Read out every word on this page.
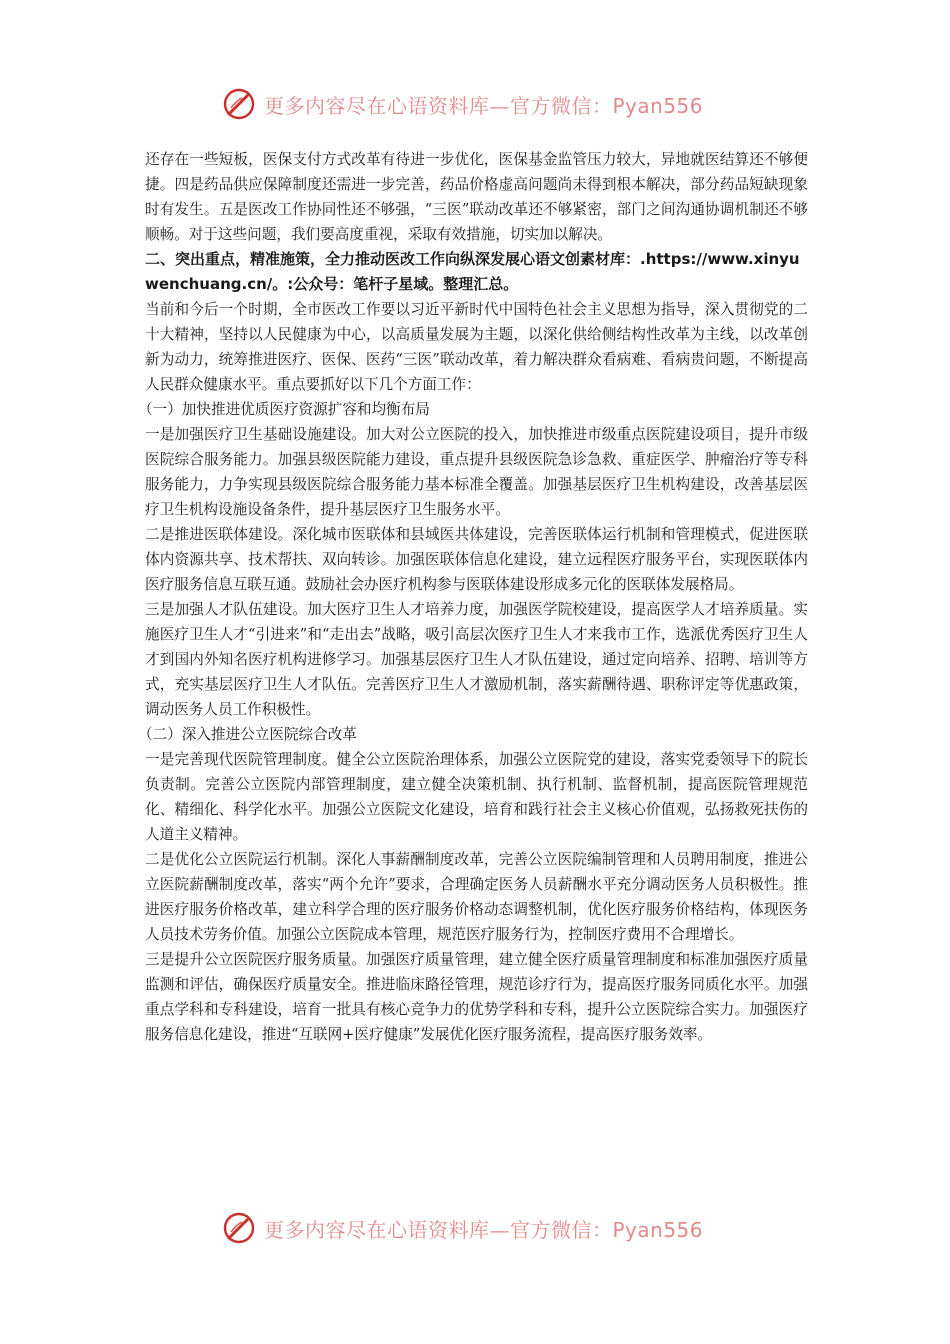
更多内容尽在心语资料库—官方微信：Pyan556

还存在一些短板，医保支付方式改革有待进一步优化，医保基金监管压力较大，异地就医结算还不够便捷。四是药品供应保障制度还需进一步完善，药品价格虚高问题尚未得到根本解决，部分药品短缺现象时有发生。五是医改工作协同性还不够强，“三医”联动改革还不够紧密，部门之间沟通协调机制还不够顺畅。对于这些问题，我们要高度重视，采取有效措施，切实加以解决。

二、突出重点，精准施策，全力推动医改工作向纵深发展心语文创素材库：.https://www.xinyuwenchuang.cn/。:公众号：笔杆子星域。整理汇总。

当前和今后一个时期，全市医改工作要以习近平新时代中国特色社会主义思想为指导，深入贯彻党的二十大精神，坚持以人民健康为中心，以高质量发展为主题，以深化供给侧结构性改革为主线，以改革创新为动力，统筹推进医疗、医保、医药“三医”联动改革，着力解决群众看病难、看病贵问题，不断提高人民群众健康水平。重点要抓好以下几个方面工作：

（一）加快推进优质医疗资源扩容和均衡布局

一是加强医疗卫生基础设施建设。加大对公立医院的投入，加快推进市级重点医院建设项目，提升市级医院综合服务能力。加强县级医院能力建设，重点提升县级医院急诊急救、重症医学、肿瘤治疗等专科服务能力，力争实现县级医院综合服务能力基本标准全覆盖。加强基层医疗卫生机构建设，改善基层医疗卫生机构设施设备条件，提升基层医疗卫生服务水平。

二是推进医联体建设。深化城市医联体和县域医共体建设，完善医联体运行机制和管理模式，促进医联体内资源共享、技术帮扶、双向转诊。加强医联体信息化建设，建立远程医疗服务平台，实现医联体内医疗服务信息互联互通。鼓励社会办医疗机构参与医联体建设形成多元化的医联体发展格局。

三是加强人才队伍建设。加大医疗卫生人才培养力度，加强医学院校建设，提高医学人才培养质量。实施医疗卫生人才“引进来”和“走出去”战略，吸引高层次医疗卫生人才来我市工作，选派优秀医疗卫生人才到国内外知名医疗机构进修学习。加强基层医疗卫生人才队伍建设，通过定向培养、招聘、培训等方式，充实基层医疗卫生人才队伍。完善医疗卫生人才激励机制，落实薪酬待遇、职称评定等优惠政策，调动医务人员工作积极性。

（二）深入推进公立医院综合改革

一是完善现代医院管理制度。健全公立医院治理体系，加强公立医院党的建设，落实党委领导下的院长负责制。完善公立医院内部管理制度，建立健全决策机制、执行机制、监督机制，提高医院管理规范化、精细化、科学化水平。加强公立医院文化建设，培育和践行社会主义核心价值观，弘扬救死扶伤的人道主义精神。

二是优化公立医院运行机制。深化人事薪酬制度改革，完善公立医院编制管理和人员聘用制度，推进公立医院薪酬制度改革，落实“两个允许”要求，合理确定医务人员薪酬水平充分调动医务人员积极性。推进医疗服务价格改革，建立科学合理的医疗服务价格动态调整机制，优化医疗服务价格结构，体现医务人员技术劳务价值。加强公立医院成本管理，规范医疗服务行为，控制医疗费用不合理增长。

三是提升公立医院医疗服务质量。加强医疗质量管理，建立健全医疗质量管理制度和标准加强医疗质量监测和评估，确保医疗质量安全。推进临床路径管理，规范诊疗行为，提高医疗服务同质化水平。加强重点学科和专科建设，培育一批具有核心竞争力的优势学科和专科，提升公立医院综合实力。加强医疗服务信息化建设，推进“互联网+医疗健康”发展优化医疗服务流程，提高医疗服务效率。

更多内容尽在心语资料库—官方微信：Pyan556
